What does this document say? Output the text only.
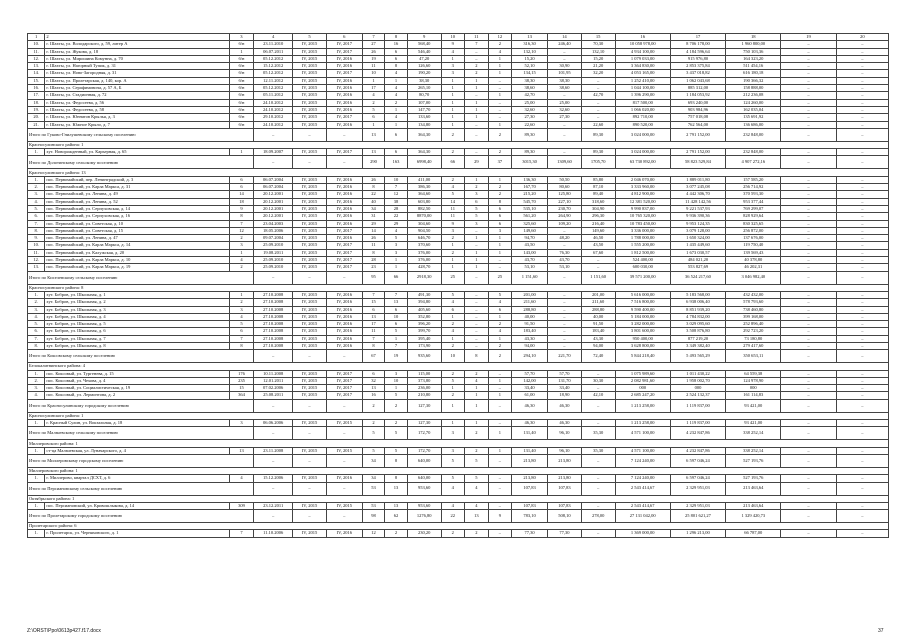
1	2	3	4	5	6	7	8	9	10	11	12	13	14	15	16	17	18	19	20
10.	г. Шахты, ул. Володарского, д. 59, литер А	б/н	23.11.2010	IV, 2015	IV, 2017	27	16	568,40	9	7	2	316,30	246,40	70,30	10 058 978,00	8 706 178,00	1 960 800,00	–	–
11.	г. Шахты, ул. Жукова, д. 18	1	06.07.2011	IV, 2015	IV, 2017	26	6	546,40	4	–	4	132,10	–	132,10	4 934 100,00	4 184 596,64	750 103,36	–	–
12.	г. Шахты, ул. Мирошина Комунна, д. 70	б/н	05.12.2012	IV, 2015	IV, 2016	19	6	47,20	1	–	1	15,20	–	15,20	1 079 033,00	915 976,80	164 323,20	–	–
13.	г. Шахты, ул. Нагорный Тупик, д. 31	б/н	15.12.2012	IV, 2015	IV, 2016	11	8	126,60	3	2	1	52,10	30,90	21,20	3 364 830,00	2 853 375,84	511 454,16	–	–
14.	г. Шахты, ул. Ново-Загородняя, д. 31	б/н	05.12.2012	IV, 2015	IV, 2017	10	4	190,20	3	2	1	134,15	101,95	32,20	4 053 165,00	3 437 018,82	616 180,18	–	–
15.	г. Шахты, ул. Пролетарская, д. 140, кор. А	б/н	12.11.2012	IV, 2015	IV, 2016	1	1	38,30	1	1	–	38,30	38,30	–	1 252 410,00	1 062 043,68	190 366,32	–	–
16.	г. Шахты, ул. Серафимовича, д. 57 А, Б	б/н	05.12.2012	IV, 2015	IV, 2016	17	4	265,10	1	1	–	38,60	38,60	–	1 044 100,00	885 312,00	158 888,00	–	–
17.	г. Шахты, ул. Стадионная, д. 72	б/н	05.11.2012	IV, 2015	IV, 2016	4	4	80,70	1	–	1	42,70	–	42,70	1 396 290,00	1 184 053,92	212 236,08	–	–
18.	г. Шахты, ул. Федосеева, д. 56	б/н	24.10.2012	IV, 2015	IV, 2016	2	2	107,00	1	1	–	25,00	25,00	–	817 500,00	693 240,00	124 260,00	–	–
19.	г. Шахты, ул. Федосеева, д. 58	б/н	24.10.2012	IV, 2015	IV, 2016	5	1	147,70	1	1	–	32,60	32,60	–	1 066 020,00	903 984,96	162 035,04	–	–
20.	г. Шахты, ул. Юннатов Крылья, д. 3	б/н	29.10.2012	IV, 2015	IV, 2017	6	4	133,60	1	1	–	27,30	27,30	–	892 710,00	757 018,08	135 691,92	–	–
21.	г. Шахты, ул. Южное Крыло, д. 7	б/н	24.10.2012	IV, 2015	IV, 2016	1	1	134,80	1	–	1	22,60	–	22,60	890 520,00	762 564,00	136 686,00	–	–
Итого по Гуково-Гнилушевскому сельскому поселению			–	–	–	13	6	364,30	2	–	2	89,30	–	89,30	3 024 000,00	2 791 152,00	232 848,00	–	–
Красносулинского района: 1																			
1.	хут. Новорожденный, ул. Карьерная, д. 65	1	18.09.2007	IV, 2015	IV, 2017	13	6	364,30	2	–	2	89,30	–	89,30	3 024 000,00	2 791 152,00	232 848,00	–	–
Итого по Долотинскому сельскому поселению			–	–	–	290	163	6998,40	66	29	37	3015,30	1309,60	1705,70	63 730 892,00	58 823 529,84	4 907 272,16	–	–
Красносулинского района: 13																			
1.	пос. Первомайский, пер. Ленинградский, д. 3	6	06.07.2004	IV, 2015	IV, 2016	26	10	411,00	2	1	1	136,30	50,50	85,80	2 046 070,00	1 889 011,80	157 585,20	–	–
2.	пос. Первомайский, ул. Карла Маркса, д. 31	6	06.07.2004	IV, 2015	IV, 2016	8	7	386,30	4	2	2	167,70	80,60	87,10	3 333 960,00	3 077 245,08	256 714,92	–	–
3.	пос. Первомайский, ул. Ленина, д. 49	14	20.12.2001	IV, 2015	IV, 2016	22	12	364,60	5	3	2	215,20	125,80	89,40	4 812 900,00	4 442 306,70	370 593,30	–	–
4.	пос. Первомайский, ул. Ленина, д. 52	18	20.12.2001	IV, 2015	IV, 2016	40	38	603,80	14	6	8	545,70	227,10	318,60	12 381 520,00	11 428 142,56	953 377,44	–	–
5.	пос. Первомайский, ул. Серпуховская, д. 14	9	20.12.2001	IV, 2015	IV, 2016	34	28	882,50	11	5	6	535,10	230,70	304,90	9 990 837,00	9 221 537,93	769 299,07	–	–
6.	пос. Первомайский, ул. Серпуховская, д. 16	8	20.12.2001	IV, 2015	IV, 2016	31	22	8870,00	11	5	6	561,20	264,90	296,30	10 765 320,00	9 936 390,36	828 929,64	–	–
7.	пос. Первомайский, ул. Советская, д. 10	7	23.04.2003	IV, 2015	IV, 2016	29	29	304,60	9	3	6	325,60	109,20	216,40	10 783 450,00	9 953 124,35	830 325,65	–	–
8.	пос. Первомайский, ул. Советская, д. 15	12	18.05.2006	IV, 2015	IV, 2017	14	4	904,50	3	–	3	149,60	–	149,60	3 336 000,00	3 079 128,00	256 872,00	–	–
9.	пос. Первомайский, ул. Ленина, д. 47	2	09.07.2004	IV, 2015	IV, 2016	26	5	646,70	2	1	1	94,70	48,20	46,50	1 788 000,00	1 650 324,00	137 676,00	–	–
10.	пос. Первомайский, ул. Карла Маркса, д. 14	3	25.09.2010	IV, 2015	IV, 2017	11	3	370,60	1	–	1	43,50	–	43,50	1 555 200,00	1 435 449,60	119 750,40	–	–
11.	пос. Первомайский, ул. Калужская, д. 20	1	19.08.2011	IV, 2015	IV, 2017	8	3	376,00	2	1	1	143,00	76,30	67,60	1 812 500,00	1 673 030,57	139 569,43	–	–
12.	пос. Первомайский, ул. Карла Маркса, д. 10	4	25.09.2010	IV, 2015	IV, 2017	28	1	376,00	1	1	–	43,70	43,70	–	524 400,00	484 021,20	40 378,80	–	–
13.	пос. Первомайский, ул. Карла Маркса, д. 19	2	25.09.2010	IV, 2015	IV, 2017	23	1	428,70	1	1	–	53,10	53,10	–	600 030,00	553 827,69	46 202,31	–	–
Итого по Киселевскому сельскому поселению			–	–	–	95	66	2918,30	25	–	25	1 151,60	–	1 151,60	39 571 200,00	36 524 217,60	3 046 982,40	–	–
Красносулинского района: 8																			
1.	хут. Бобров, ул. Школьная, д. 1	1	27.10.2008	IV, 2015	IV, 2016	7	7	491,30	5	–	5	201,00	–	201,00	5 616 000,00	5 183 568,00	432 432,00	–	–
2.	хут. Бобров, ул. Школьная, д. 2	2	27.10.2008	IV, 2015	IV, 2016	15	13	394,80	4	–	4	211,60	–	211,60	7 516 800,00	6 938 006,40	578 793,60	–	–
3.	хут. Бобров, ул. Школьная, д. 3	3	27.10.2008	IV, 2015	IV, 2016	6	6	405,60	6	–	6	288,80	–	288,80	9 590 400,00	8 851 939,20	738 460,80	–	–
4.	хут. Бобров, ул. Школьная, д. 4	4	27.10.2008	IV, 2015	IV, 2016	13	10	352,80	1	–	1	40,00	–	40,00	5 184 000,00	4 784 832,00	399 168,00	–	–
5.	хут. Бобров, ул. Школьная, д. 5	5	27.10.2008	IV, 2015	IV, 2016	17	6	396,20	2	–	2	91,50	–	91,50	3 282 000,00	3 029 095,60	252 896,40	–	–
6.	хут. Бобров, ул. Школьная, д. 6	6	27.10.2008	IV, 2015	IV, 2016	11	5	399,70	4	–	4	183,40	–	183,40	3 801 600,00	3 508 876,80	292 723,20	–	–
7.	хут. Бобров, ул. Школьная, д. 7	7	27.10.2008	IV, 2015	IV, 2016	7	1	395,40	1	–	1	43,30	–	43,30	950 400,00	877 219,20	73 180,80	–	–
8.	хут. Бобров, ул. Школьная, д. 8	8	27.10.2008	IV, 2015	IV, 2016	8	7	173,90	2	–	2	94,00	–	94,00	3 628 800,00	3 349 382,40	279 417,60	–	–
Итого по Коксовскому сельскому поселению			–	–	–	67	19	935,60	10	8	2	294,10	221,70	72,40	5 844 218,40	5 493 565,29	350 653,11	–	–
Белокалитвинского района: 4																			
1.	пос. Коксовый, ул. Тургенева, д. 15	176	10.11.2008	IV, 2015	IV, 2017	6	3	115,00	2	2	–	57,70	57,70	–	1 075 989,60	1 011 430,22	64 559,38	–	–
2.	пос. Коксовый, ул. Чехова, д. 4	235	12.01.2011	IV, 2015	IV, 2017	32	10	373,80	5	4	1	142,00	131,70	30,30	2 082 981,60	1 958 002,70	124 978,90	–	–
3.	пос. Коксовый, ул. Социалистическая, д. 19	15	07.02.2006	IV, 2015	IV, 2017	13	1	236,00	1	1	–	33,40	33,40	–	000	000	000	–	–
4.	пос. Коксовый, ул. Лермонтова, д. 2	364	25.08.2011	IV, 2015	IV, 2017	16	5	210,80	2	1	1	61,00	18,90	42,10	2 685 247,20	2 524 132,37	161 114,83	–	–
Итого по Красносулинскому городскому поселению			–	–	–	2	2	127,30	1	1	–	46,30	46,30	–	1 213 258,00	1 119 837,00	93 421,00	–	–
Красносулинского района: 1																			
1.	г. Красный Сулин, ул. Вокзальная, д. 18	3	06.06.2006	IV, 2015	IV, 2015	2	2	127,30	1	1	–	46,30	46,30	–	1 213 258,00	1 119 837,00	93 421,00	–	–
Итого по Мальчевскому сельскому поселению			–	–	–	5	5	172,70	3	2	1	131,40	96,10	35,30	4 571 100,00	4 232 847,86	338 252,14	–	–
Миллеровского района: 1																			
1.	ст-ца Мальчевская, ул. Луначарского, д. 4	13	23.11.2008	IV, 2015	IV, 2015	5	5	172,70	3	2	1	131,40	96,10	35,30	4 571 100,00	4 232 847,86	338 252,14	–	–
Итого по Миллеровскому городскому поселению			–	–	–	34	8	640,00	5	5	–	213,80	213,80	–	7 124 240,00	6 597 046,24	527 193,76	–	–
Миллеровского района: 1																			
1.	г. Миллерово, квартал ДСХТ, д. 6	4	15.12.2006	IV, 2015	IV, 2016	34	8	640,00	5	5	–	213,80	213,80	–	7 124 240,00	6 597 046,24	527 193,76	–	–
Итого по Персиановскому сельскому поселению			–	–	–	53	13	953,60	4	4	–	107,83	107,83	–	2 543 414,67	2 329 951,03	213 463,64	–	–
Октябрьского района: 1																			
1.	пос. Персиановский, ул. Кривошлыкова, д. 14	309	23.12.2011	IV, 2015	IV, 2015	53	13	953,60	4	4	–	107,83	107,83	–	2 543 414,67	2 329 951,03	213 463,64	–	–
Итого по Пролетарскому городскому поселению			–	–	–	98	62	1276,80	22	13	9	783,10	508,10	278,00	27 131 042,00	25 801 621,27	1 329 420,73	–	–
Пролетарского района: 6																			
1.	г. Пролетарск, ул. Черняховского, д. 1	7	11.10.2006	IV, 2015	IV, 2016	12	2	230,20	2	2	–	77,30	77,30	–	1 369 000,00	1 296 213,00	66 787,00	–	–
Z:\ORST\Ppo\0613p427.f17.docx	37
